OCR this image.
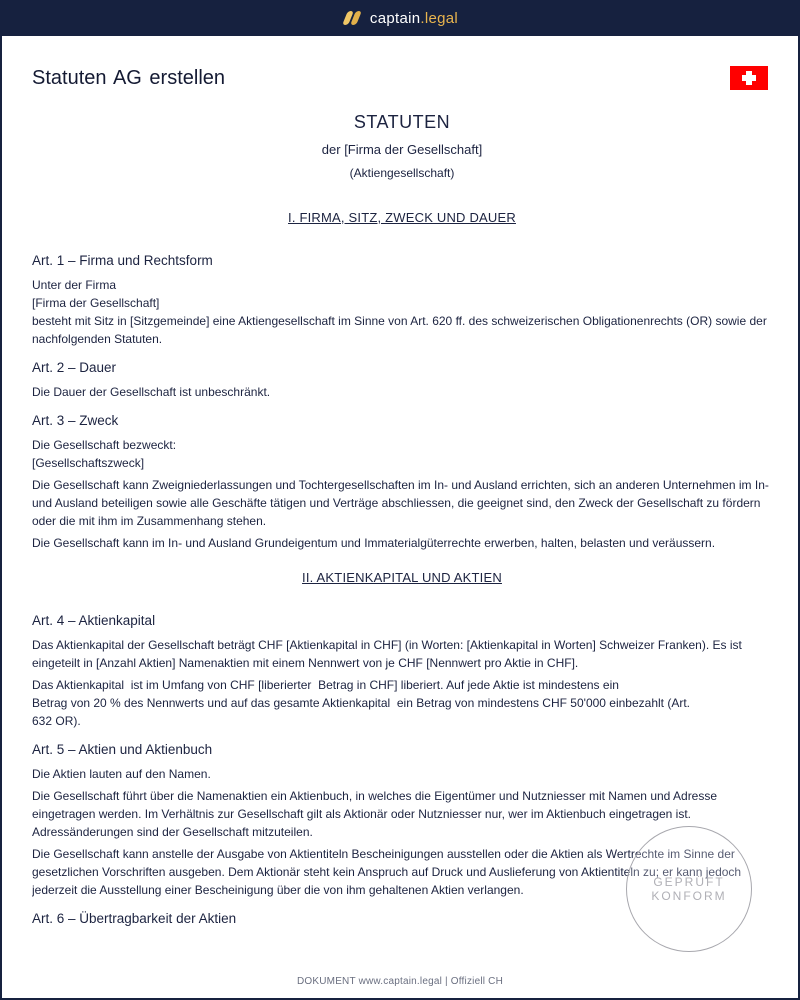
captain.legal
Statuten AG erstellen
STATUTEN
der [Firma der Gesellschaft]
(Aktiengesellschaft)
I. FIRMA, SITZ, ZWECK UND DAUER
Art. 1 – Firma und Rechtsform
Unter der Firma
[Firma der Gesellschaft]
besteht mit Sitz in [Sitzgemeinde] eine Aktiengesellschaft im Sinne von Art. 620 ff. des schweizerischen Obligationenrechts (OR) sowie der nachfolgenden Statuten.
Art. 2 – Dauer
Die Dauer der Gesellschaft ist unbeschränkt.
Art. 3 – Zweck
Die Gesellschaft bezweckt:
[Gesellschaftszweck]
Die Gesellschaft kann Zweigniederlassungen und Tochtergesellschaften im In- und Ausland errichten, sich an anderen Unternehmen im In- und Ausland beteiligen sowie alle Geschäfte tätigen und Verträge abschliessen, die geeignet sind, den Zweck der Gesellschaft zu fördern oder die mit ihm im Zusammenhang stehen.
Die Gesellschaft kann im In- und Ausland Grundeigentum und Immaterialgüterrechte erwerben, halten, belasten und veräussern.
II. AKTIENKAPITAL UND AKTIEN
Art. 4 – Aktienkapital
Das Aktienkapital der Gesellschaft beträgt CHF [Aktienkapital in CHF] (in Worten: [Aktienkapital in Worten] Schweizer Franken). Es ist eingeteilt in [Anzahl Aktien] Namenaktien mit einem Nennwert von je CHF [Nennwert pro Aktie in CHF].
Das Aktienkapital  ist im Umfang von CHF [liberierter  Betrag in CHF] liberiert. Auf jede Aktie ist mindestens ein
Betrag von 20 % des Nennwerts und auf das gesamte Aktienkapital  ein Betrag von mindestens CHF 50'000 einbezahlt (Art.
632 OR).
Art. 5 – Aktien und Aktienbuch
Die Aktien lauten auf den Namen.
Die Gesellschaft führt über die Namenaktien ein Aktienbuch, in welches die Eigentümer und Nutzniesser mit Namen und Adresse eingetragen werden. Im Verhältnis zur Gesellschaft gilt als Aktionär oder Nutzniesser nur, wer im Aktienbuch eingetragen ist. Adressänderungen sind der Gesellschaft mitzuteilen.
Die Gesellschaft kann anstelle der Ausgabe von Aktientiteln Bescheinigungen ausstellen oder die Aktien als Wertrechte im Sinne der gesetzlichen Vorschriften ausgeben. Dem Aktionär steht kein Anspruch auf Druck und Auslieferung von Aktientiteln zu; er kann jedoch jederzeit die Ausstellung einer Bescheinigung über die von ihm gehaltenen Aktien verlangen.
Art. 6 – Übertragbarkeit der Aktien
GEPRÜFT
KONFORM
DOKUMENT www.captain.legal | Offiziell CH
